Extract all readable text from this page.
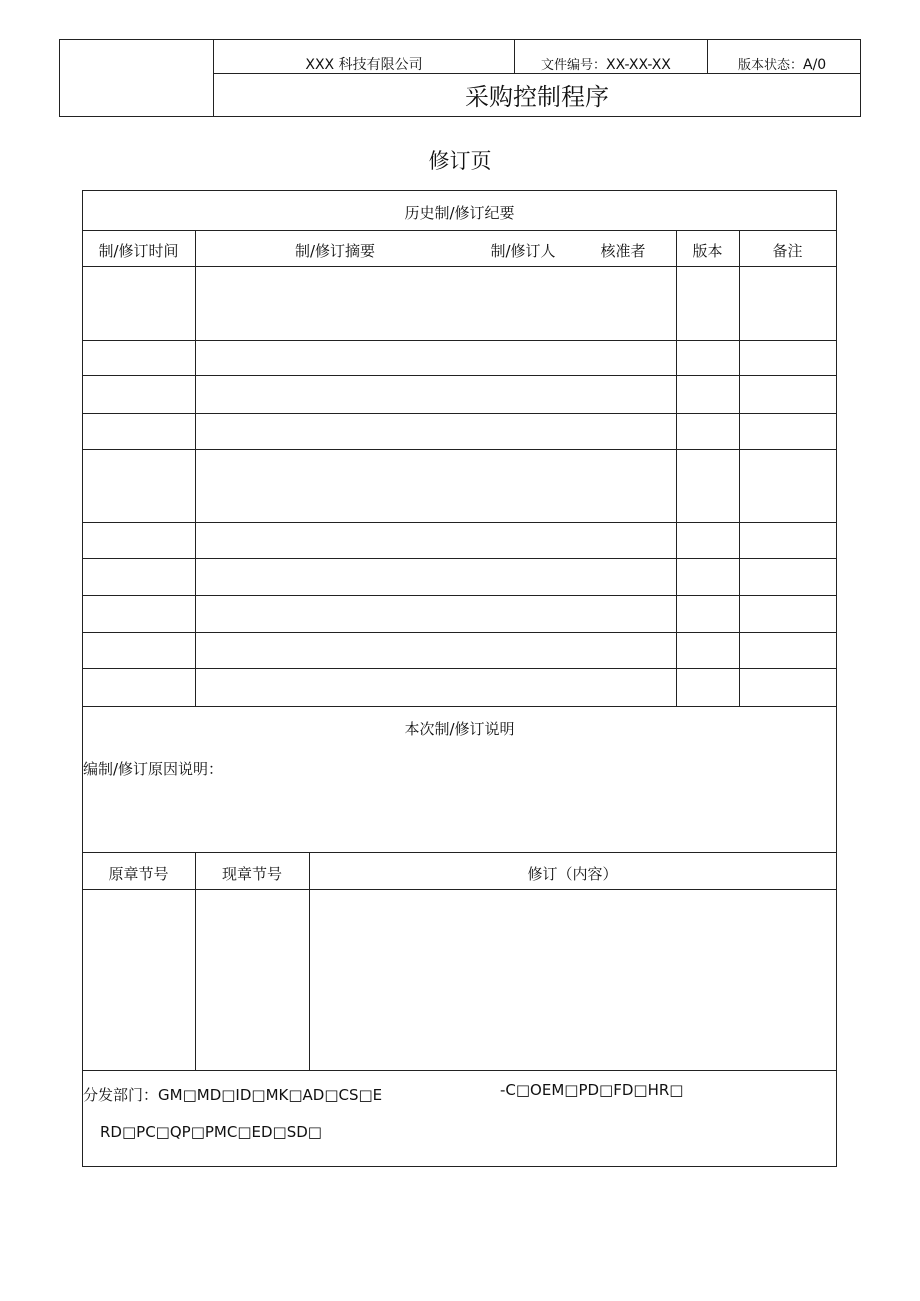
XXX 科技有限公司	文件编号：XX-XX-XX	版本状态：A/0
采购控制程序
修订页
历史制/修订纪要
制/修订时间	制/修订摘要	制/修订人	核准者	版本	备注
本次制/修订说明
编制/修订原因说明：
原章节号	现章节号	修订（内容）
分发部门：GM□MD□ID□MK□AD□CS□E	-C□OEM□PD□FD□HR□
RD□PC□QP□PMC□ED□SD□
